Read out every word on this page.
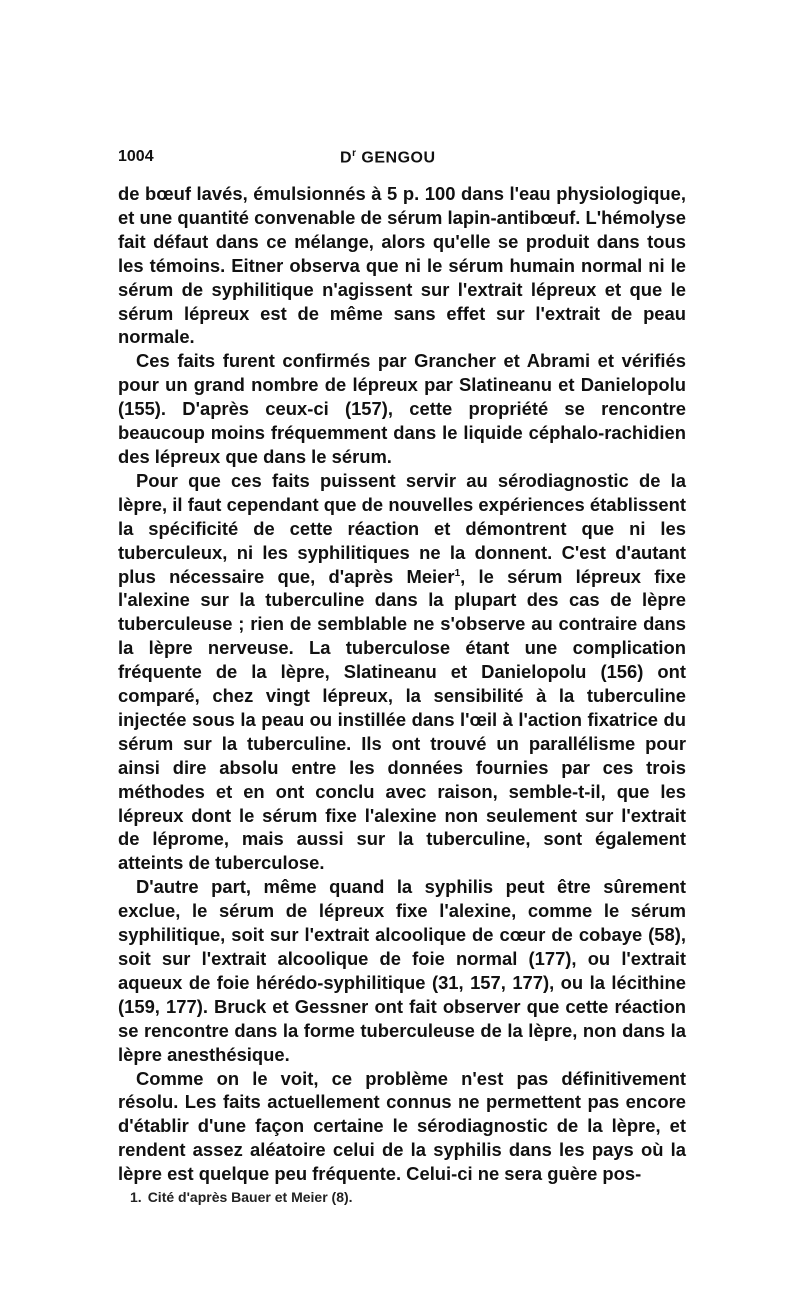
1004	$D^r$ GENGOU

de bœuf lavés, émulsionnés à 5 p. 100 dans l'eau physiologique, et une quantité convenable de sérum lapin-antibœuf. L'hémolyse fait défaut dans ce mélange, alors qu'elle se produit dans tous les témoins. Eitner observa que ni le sérum humain normal ni le sérum de syphilitique n'agissent sur l'extrait lépreux et que le sérum lépreux est de même sans effet sur l'extrait de peau normale.

Ces faits furent confirmés par Grancher et Abrami et vérifiés pour un grand nombre de lépreux par Slatineanu et Danielopolu (155). D'après ceux-ci (157), cette propriété se rencontre beaucoup moins fréquemment dans le liquide céphalo-rachidien des lépreux que dans le sérum.

Pour que ces faits puissent servir au sérodiagnostic de la lèpre, il faut cependant que de nouvelles expériences établissent la spécificité de cette réaction et démontrent que ni les tuberculeux, ni les syphilitiques ne la donnent. C'est d'autant plus nécessaire que, d'après Meier$^1$, le sérum lépreux fixe l'alexine sur la tuberculine dans la plupart des cas de lèpre tuberculeuse ; rien de semblable ne s'observe au contraire dans la lèpre nerveuse. La tuberculose étant une complication fréquente de la lèpre, Slatineanu et Danielopolu (156) ont comparé, chez vingt lépreux, la sensibilité à la tuberculine injectée sous la peau ou instillée dans l'œil à l'action fixatrice du sérum sur la tuberculine. Ils ont trouvé un parallélisme pour ainsi dire absolu entre les données fournies par ces trois méthodes et en ont conclu avec raison, semble-t-il, que les lépreux dont le sérum fixe l'alexine non seulement sur l'extrait de léprome, mais aussi sur la tuberculine, sont également atteints de tuberculose.

D'autre part, même quand la syphilis peut être sûrement exclue, le sérum de lépreux fixe l'alexine, comme le sérum syphilitique, soit sur l'extrait alcoolique de cœur de cobaye (58), soit sur l'extrait alcoolique de foie normal (177), ou l'extrait aqueux de foie hérédo-syphilitique (31, 157, 177), ou la lécithine (159, 177). Bruck et Gessner ont fait observer que cette réaction se rencontre dans la forme tuberculeuse de la lèpre, non dans la lèpre anesthésique.

Comme on le voit, ce problème n'est pas définitivement résolu. Les faits actuellement connus ne permettent pas encore d'établir d'une façon certaine le sérodiagnostic de la lèpre, et rendent assez aléatoire celui de la syphilis dans les pays où la lèpre est quelque peu fréquente. Celui-ci ne sera guère pos-

1. Cité d'après Bauer et Meier (8).
